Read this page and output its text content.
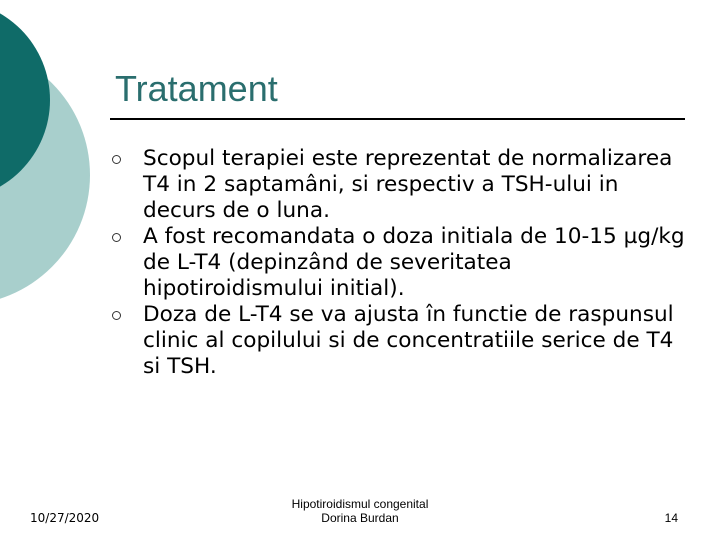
Tratament
Scopul terapiei este reprezentat de normalizarea T4 in 2 saptamâni, si respectiv a TSH-ului in decurs de o luna.
A fost recomandata o doza initiala de 10-15 µg/kg de L-T4 (depinzând de severitatea hipotiroidismului initial).
Doza de L-T4 se va ajusta în functie de raspunsul clinic al copilului si de concentratiile serice de T4 si TSH.
10/27/2020
Hipotiroidismul congenital
Dorina Burdan	14
